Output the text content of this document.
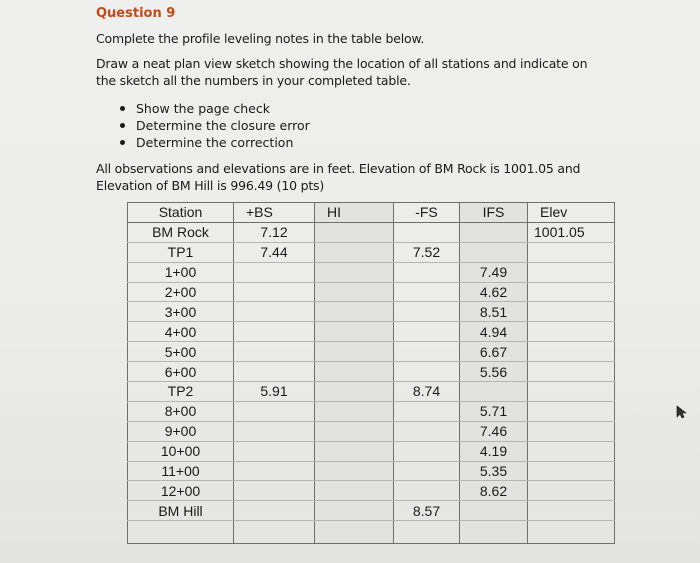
Question 9
Complete the profile leveling notes in the table below.
Draw a neat plan view sketch showing the location of all stations and indicate on the sketch all the numbers in your completed table.
Show the page check
Determine the closure error
Determine the correction
All observations and elevations are in feet. Elevation of BM Rock is 1001.05 and Elevation of BM Hill is 996.49 (10 pts)
Station	+BS	HI	-FS	IFS	Elev
BM Rock	7.12				1001.05
TP1	7.44		7.52		
1+00				7.49	
2+00				4.62	
3+00				8.51	
4+00				4.94	
5+00				6.67	
6+00				5.56	
TP2	5.91		8.74		
8+00				5.71	
9+00				7.46	
10+00				4.19	
11+00				5.35	
12+00				8.62	
BM Hill			8.57		
